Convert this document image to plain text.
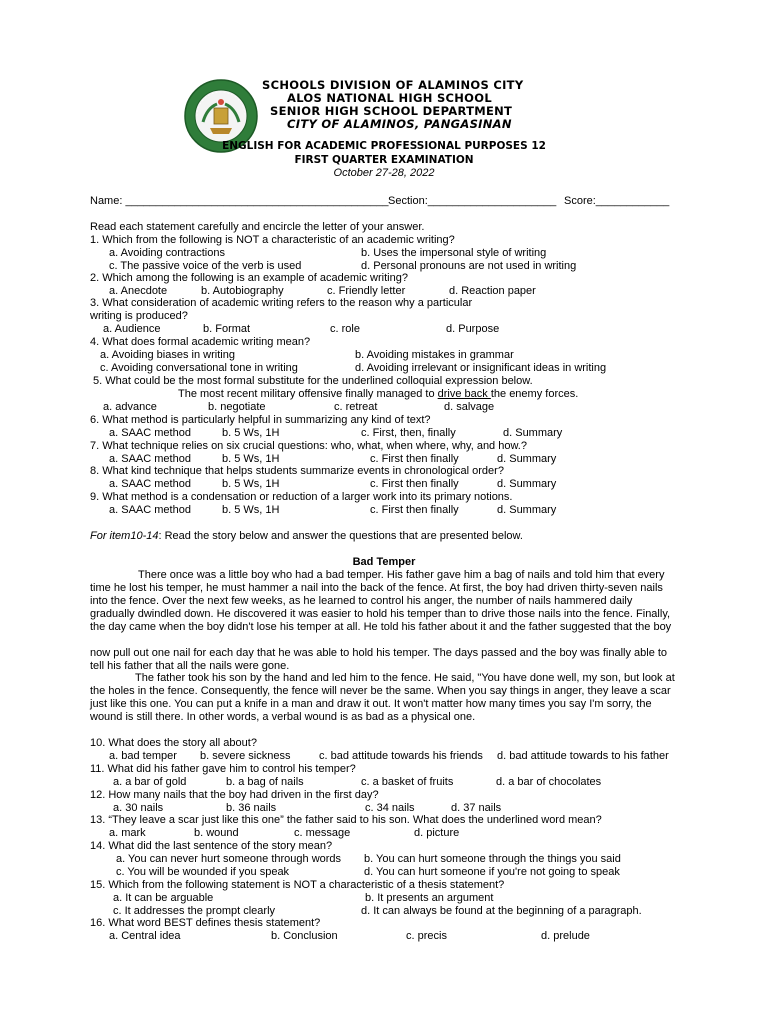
SCHOOLS DIVISION OF ALAMINOS CITY
ALOS NATIONAL HIGH SCHOOL
SENIOR HIGH SCHOOL DEPARTMENT
CITY OF ALAMINOS, PANGASINAN
ENGLISH FOR ACADEMIC PROFESSIONAL PURPOSES 12
FIRST QUARTER EXAMINATION
October 27-28, 2022
Name: ___________________________________________ Section:_____________________ Score:____________
Read each statement carefully and encircle the letter of your answer.
1. Which from the following is NOT a characteristic of an academic writing?
a. Avoiding contractions	b. Uses the impersonal style of writing
c. The passive voice of the verb is used	d. Personal pronouns are not used in writing
2. Which among the following is an example of academic writing?
a. Anecdote	b. Autobiography	c. Friendly letter	d. Reaction paper
3. What consideration of academic writing refers to the reason why a particular
writing is produced?
a. Audience	b. Format	c. role	d. Purpose
4. What does formal academic writing mean?
a. Avoiding biases in writing	b. Avoiding mistakes in grammar
c. Avoiding conversational tone in writing	d. Avoiding irrelevant or insignificant ideas in writing
5. What could be the most formal substitute for the underlined colloquial expression below.
The most recent military offensive finally managed to drive back the enemy forces.
a. advance	b. negotiate	c. retreat	d. salvage
6. What method is particularly helpful in summarizing any kind of text?
a. SAAC method	b. 5 Ws, 1H	c. First, then, finally	d. Summary
7. What technique relies on six crucial questions: who, what, when where, why, and how.?
a. SAAC method	b. 5 Ws, 1H	c. First then finally	d. Summary
8. What kind technique that helps students summarize events in chronological order?
a. SAAC method	b. 5 Ws, 1H	c. First then finally	d. Summary
9. What method is a condensation or reduction of a larger work into its primary notions.
a. SAAC method	b. 5 Ws, 1H	c. First then finally	d. Summary
For item10-14: Read the story below and answer the questions that are presented below.
Bad Temper
There once was a little boy who had a bad temper. His father gave him a bag of nails and told him that every time he lost his temper, he must hammer a nail into the back of the fence. At first, the boy had driven thirty-seven nails into the fence. Over the next few weeks, as he learned to control his anger, the number of nails hammered daily gradually dwindled down. He discovered it was easier to hold his temper than to drive those nails into the fence. Finally, the day came when the boy didn't lose his temper at all. He told his father about it and the father suggested that the boy
now pull out one nail for each day that he was able to hold his temper. The days passed and the boy was finally able to tell his father that all the nails were gone.
The father took his son by the hand and led him to the fence. He said, "You have done well, my son, but look at the holes in the fence. Consequently, the fence will never be the same. When you say things in anger, they leave a scar just like this one. You can put a knife in a man and draw it out. It won't matter how many times you say I'm sorry, the wound is still there. In other words, a verbal wound is as bad as a physical one.
10. What does the story all about?
a. bad temper b. severe sickness	c. bad attitude towards his friends d. bad attitude towards to his father
11. What did his father gave him to control his temper?
a. a bar of gold	b. a bag of nails	c. a basket of fruits	d. a bar of chocolates
12. How many nails that the boy had driven in the first day?
a. 30 nails	b. 36 nails	c. 34 nails	d. 37 nails
13. “They leave a scar just like this one” the father said to his son. What does the underlined word mean?
a. mark	b. wound	c. message	d. picture
14. What did the last sentence of the story mean?
a. You can never hurt someone through words b. You can hurt someone through the things you said
c. You will be wounded if you speak	d. You can hurt someone if you're not going to speak
15. Which from the following statement is NOT a characteristic of a thesis statement?
a. It can be arguable	b. It presents an argument
c. It addresses the prompt clearly	d. It can always be found at the beginning of a paragraph.
16. What word BEST defines thesis statement?
a. Central idea	b. Conclusion	c. precis	d. prelude
